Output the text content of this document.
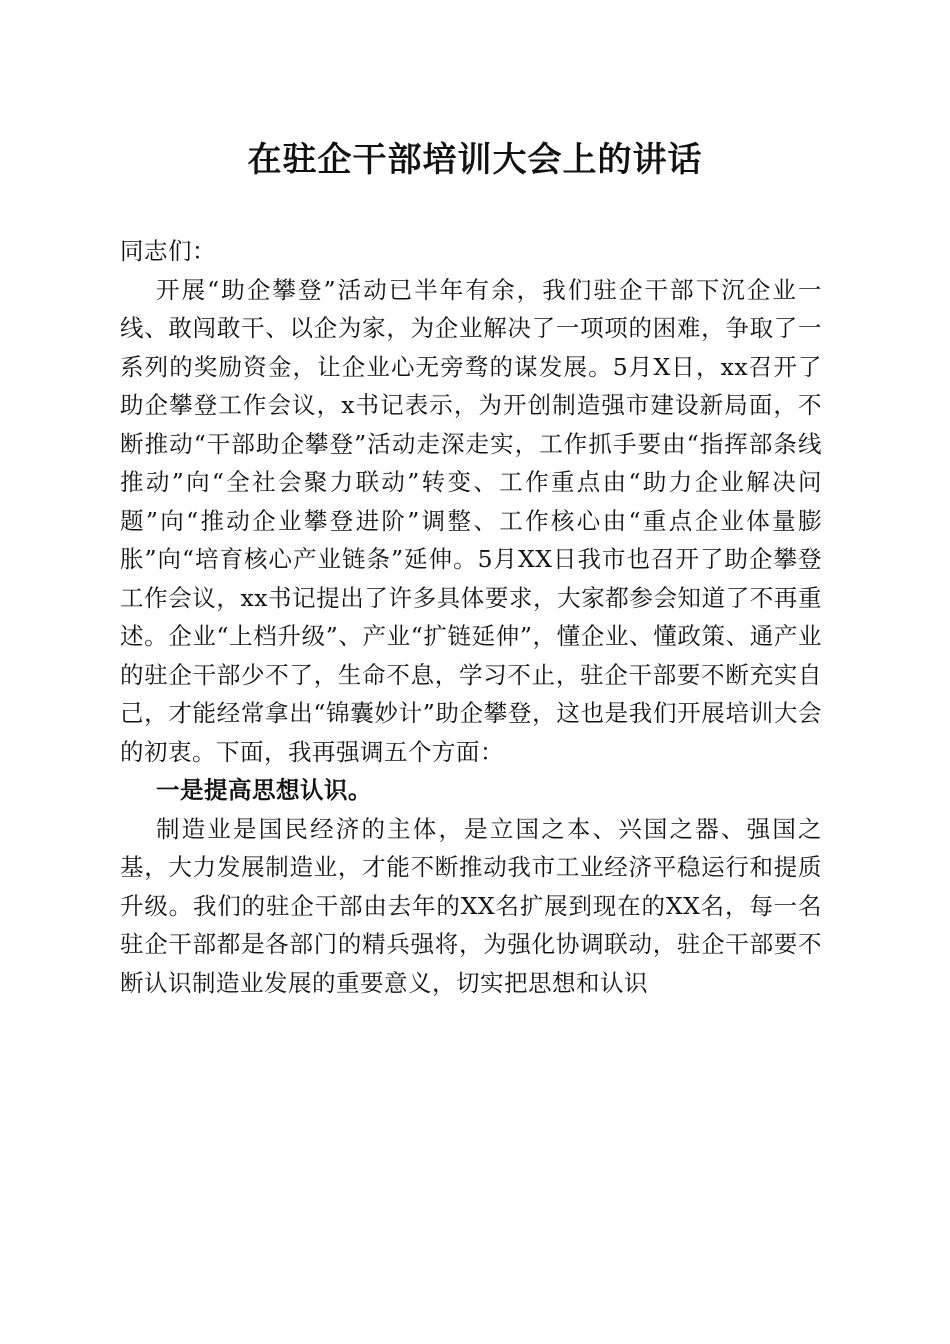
在驻企干部培训大会上的讲话

同志们：

开展“助企攀登”活动已半年有余，我们驻企干部下沉企业一线、敢闯敢干、以企为家，为企业解决了一项项的困难，争取了一系列的奖励资金，让企业心无旁骛的谋发展。5月X日，xx召开了助企攀登工作会议，x书记表示，为开创制造强市建设新局面，不断推动“干部助企攀登”活动走深走实，工作抓手要由“指挥部条线推动”向“全社会聚力联动”转变、工作重点由“助力企业解决问题”向“推动企业攀登进阶”调整、工作核心由“重点企业体量膨胀”向“培育核心产业链条”延伸。5月XX日我市也召开了助企攀登工作会议，xx书记提出了许多具体要求，大家都参会知道了不再重述。企业“上档升级”、产业“扩链延伸”，懂企业、懂政策、通产业的驻企干部少不了，生命不息，学习不止，驻企干部要不断充实自己，才能经常拿出“锦囊妙计”助企攀登，这也是我们开展培训大会的初衷。下面，我再强调五个方面：

一是提高思想认识。

制造业是国民经济的主体，是立国之本、兴国之器、强国之基，大力发展制造业，才能不断推动我市工业经济平稳运行和提质升级。我们的驻企干部由去年的XX名扩展到现在的XX名，每一名驻企干部都是各部门的精兵强将，为强化协调联动，驻企干部要不断认识制造业发展的重要意义，切实把思想和认识
